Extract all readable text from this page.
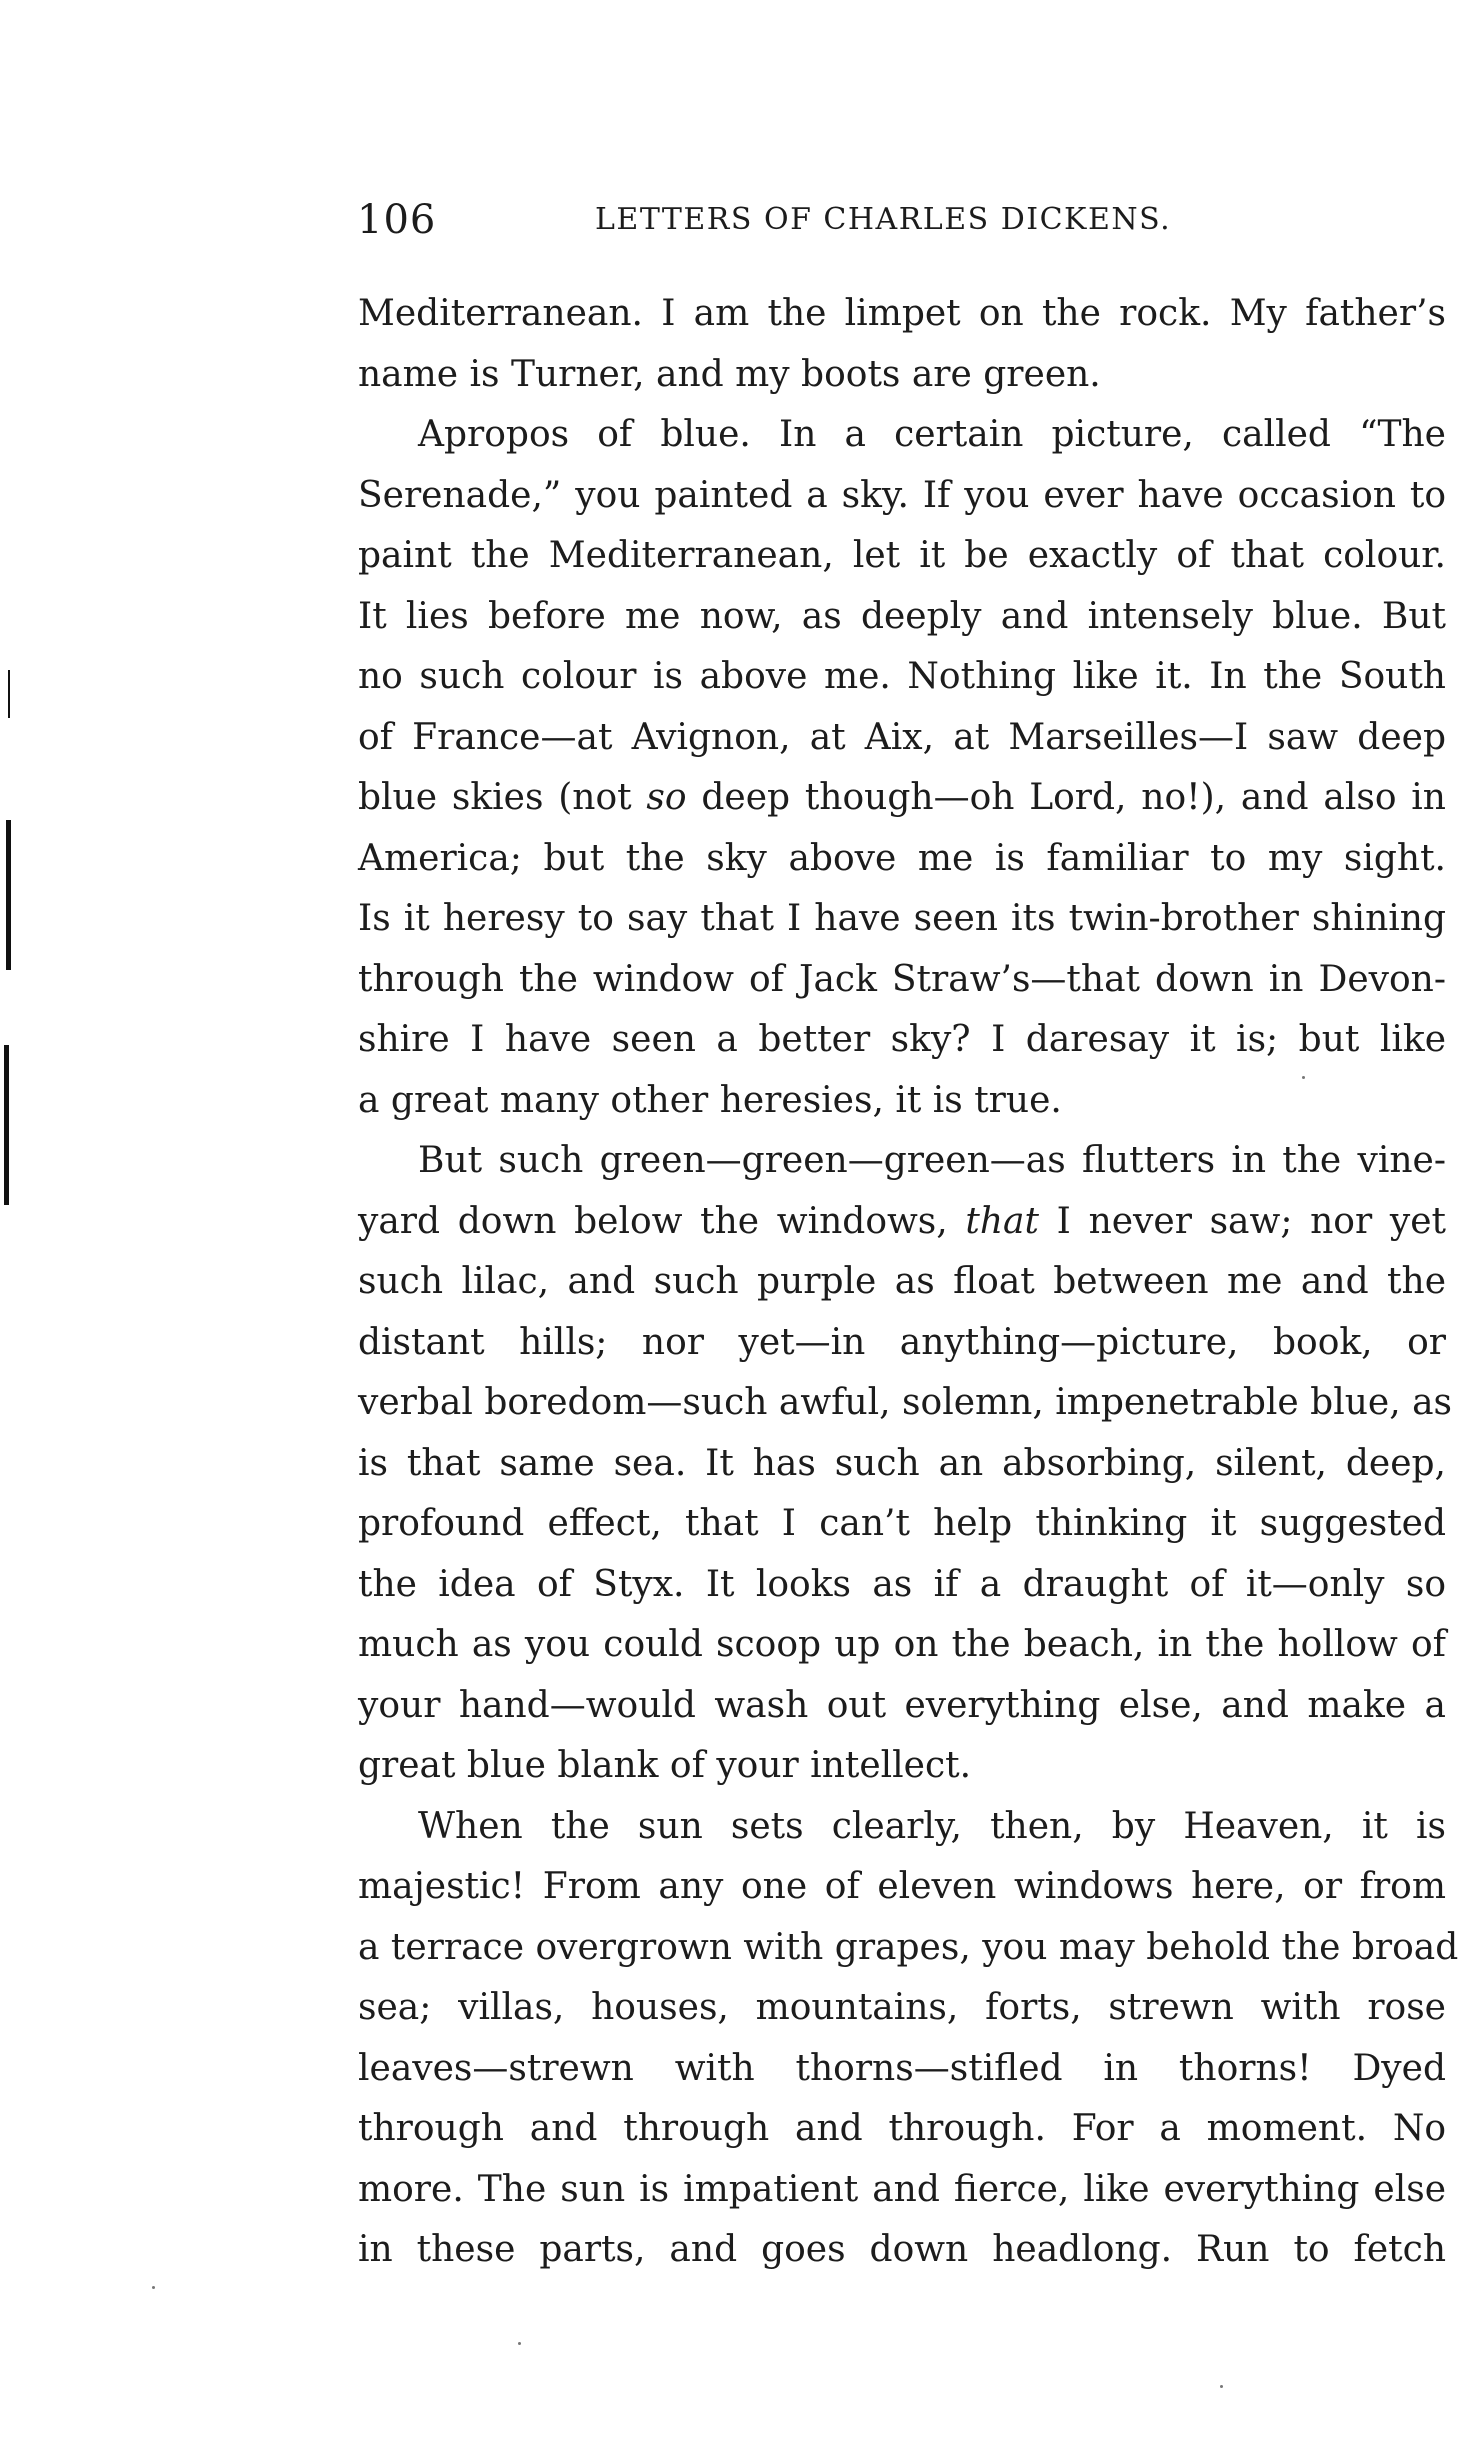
106	LETTERS OF CHARLES DICKENS.
Mediterranean. I am the limpet on the rock. My father’s
name is Turner, and my boots are green.
Apropos of blue. In a certain picture, called “The
Serenade,” you painted a sky. If you ever have occasion to
paint the Mediterranean, let it be exactly of that colour.
It lies before me now, as deeply and intensely blue. But
no such colour is above me. Nothing like it. In the South
of France—at Avignon, at Aix, at Marseilles—I saw deep
blue skies (not so deep though—oh Lord, no!), and also in
America; but the sky above me is familiar to my sight.
Is it heresy to say that I have seen its twin-brother shining
through the window of Jack Straw’s—that down in Devon-
shire I have seen a better sky? I daresay it is; but like
a great many other heresies, it is true.
But such green—green—green—as flutters in the vine-
yard down below the windows, that I never saw; nor yet
such lilac, and such purple as float between me and the
distant hills; nor yet—in anything—picture, book, or
verbal boredom—such awful, solemn, impenetrable blue, as
is that same sea. It has such an absorbing, silent, deep,
profound effect, that I can’t help thinking it suggested
the idea of Styx. It looks as if a draught of it—only so
much as you could scoop up on the beach, in the hollow of
your hand—would wash out everything else, and make a
great blue blank of your intellect.
When the sun sets clearly, then, by Heaven, it is
majestic! From any one of eleven windows here, or from
a terrace overgrown with grapes, you may behold the broad
sea; villas, houses, mountains, forts, strewn with rose
leaves—strewn with thorns—stifled in thorns! Dyed
through and through and through. For a moment. No
more. The sun is impatient and fierce, like everything else
in these parts, and goes down headlong. Run to fetch
